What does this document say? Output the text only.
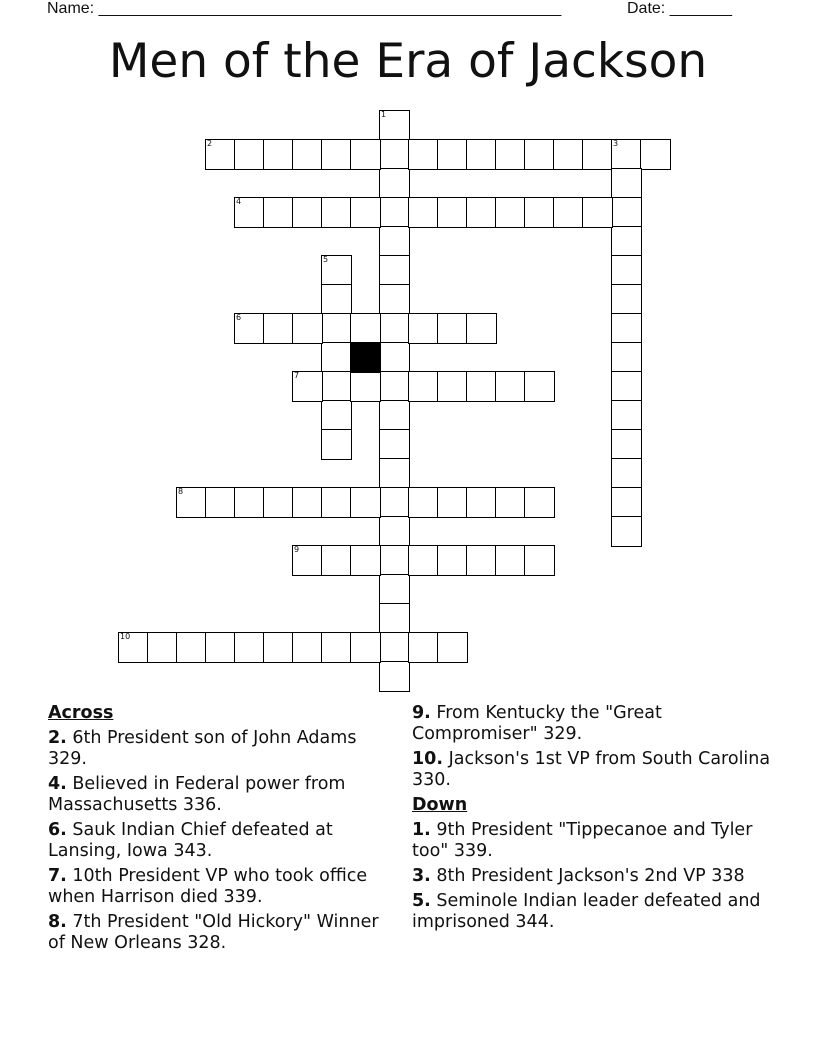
Name: ____________________________________________________	Date: _______
Men of the Era of Jackson
1
2	3
4
5
6
7
8
9
10
Across
2. 6th President son of John Adams 329.
4. Believed in Federal power from Massachusetts 336.
6. Sauk Indian Chief defeated at Lansing, Iowa 343.
7. 10th President VP who took office when Harrison died 339.
8. 7th President "Old Hickory" Winner of New Orleans 328.
9. From Kentucky the "Great Compromiser" 329.
10. Jackson's 1st VP from South Carolina 330.
Down
1. 9th President "Tippecanoe and Tyler too" 339.
3. 8th President Jackson's 2nd VP 338
5. Seminole Indian leader defeated and imprisoned 344.
